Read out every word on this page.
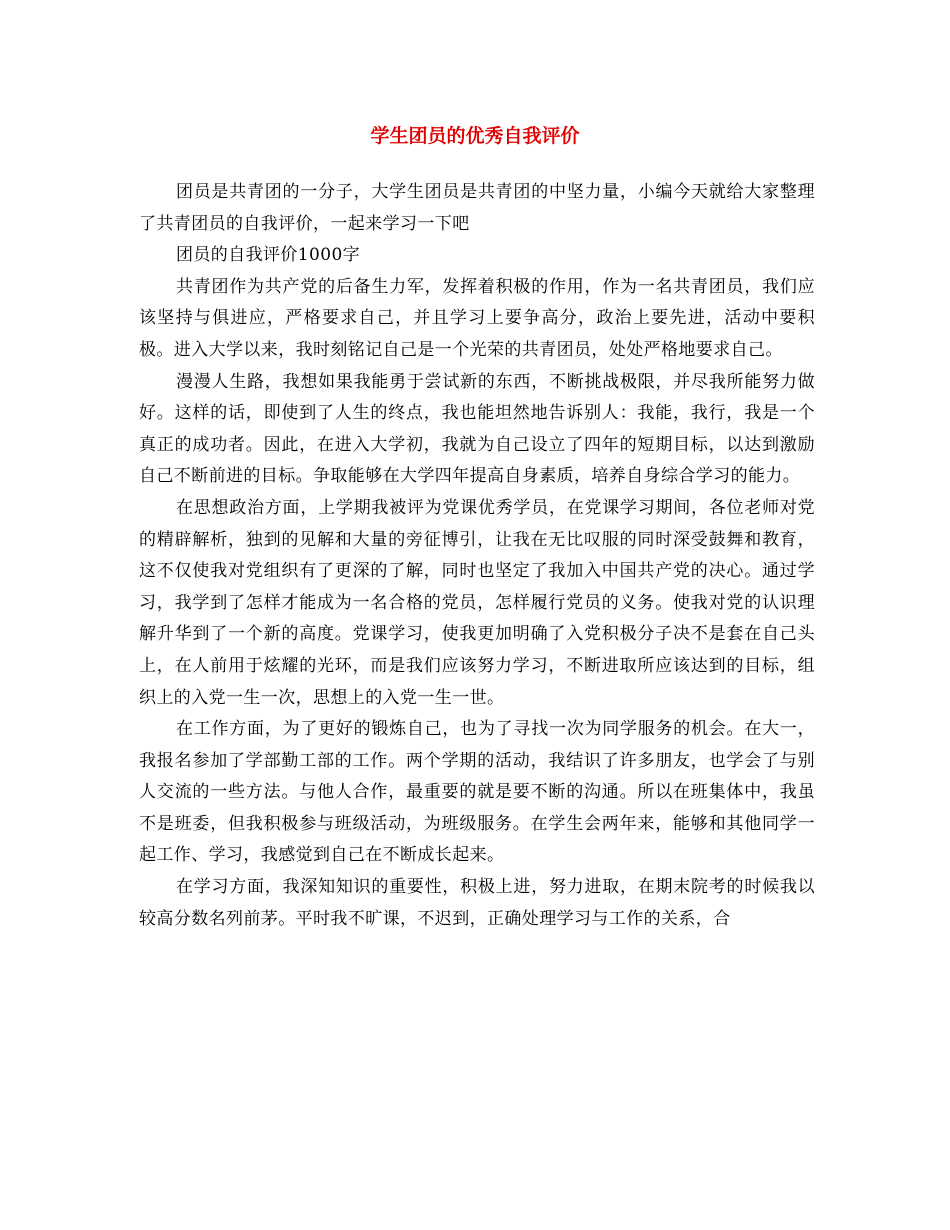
学生团员的优秀自我评价

团员是共青团的一分子，大学生团员是共青团的中坚力量，小编今天就给大家整理了共青团员的自我评价，一起来学习一下吧

团员的自我评价1000字

共青团作为共产党的后备生力军，发挥着积极的作用，作为一名共青团员，我们应该坚持与俱进应，严格要求自己，并且学习上要争高分，政治上要先进，活动中要积极。进入大学以来，我时刻铭记自己是一个光荣的共青团员，处处严格地要求自己。

漫漫人生路，我想如果我能勇于尝试新的东西，不断挑战极限，并尽我所能努力做好。这样的话，即使到了人生的终点，我也能坦然地告诉别人：我能，我行，我是一个真正的成功者。因此，在进入大学初，我就为自己设立了四年的短期目标，以达到激励自己不断前进的目标。争取能够在大学四年提高自身素质，培养自身综合学习的能力。

在思想政治方面，上学期我被评为党课优秀学员，在党课学习期间，各位老师对党的精辟解析，独到的见解和大量的旁征博引，让我在无比叹服的同时深受鼓舞和教育，这不仅使我对党组织有了更深的了解，同时也坚定了我加入中国共产党的决心。通过学习，我学到了怎样才能成为一名合格的党员，怎样履行党员的义务。使我对党的认识理解升华到了一个新的高度。党课学习，使我更加明确了入党积极分子决不是套在自己头上，在人前用于炫耀的光环，而是我们应该努力学习，不断进取所应该达到的目标，组织上的入党一生一次，思想上的入党一生一世。

在工作方面，为了更好的锻炼自己，也为了寻找一次为同学服务的机会。在大一，我报名参加了学部勤工部的工作。两个学期的活动，我结识了许多朋友，也学会了与别人交流的一些方法。与他人合作，最重要的就是要不断的沟通。所以在班集体中，我虽不是班委，但我积极参与班级活动，为班级服务。在学生会两年来，能够和其他同学一起工作、学习，我感觉到自己在不断成长起来。

在学习方面，我深知知识的重要性，积极上进，努力进取，在期末院考的时候我以较高分数名列前茅。平时我不旷课，不迟到，正确处理学习与工作的关系，合
